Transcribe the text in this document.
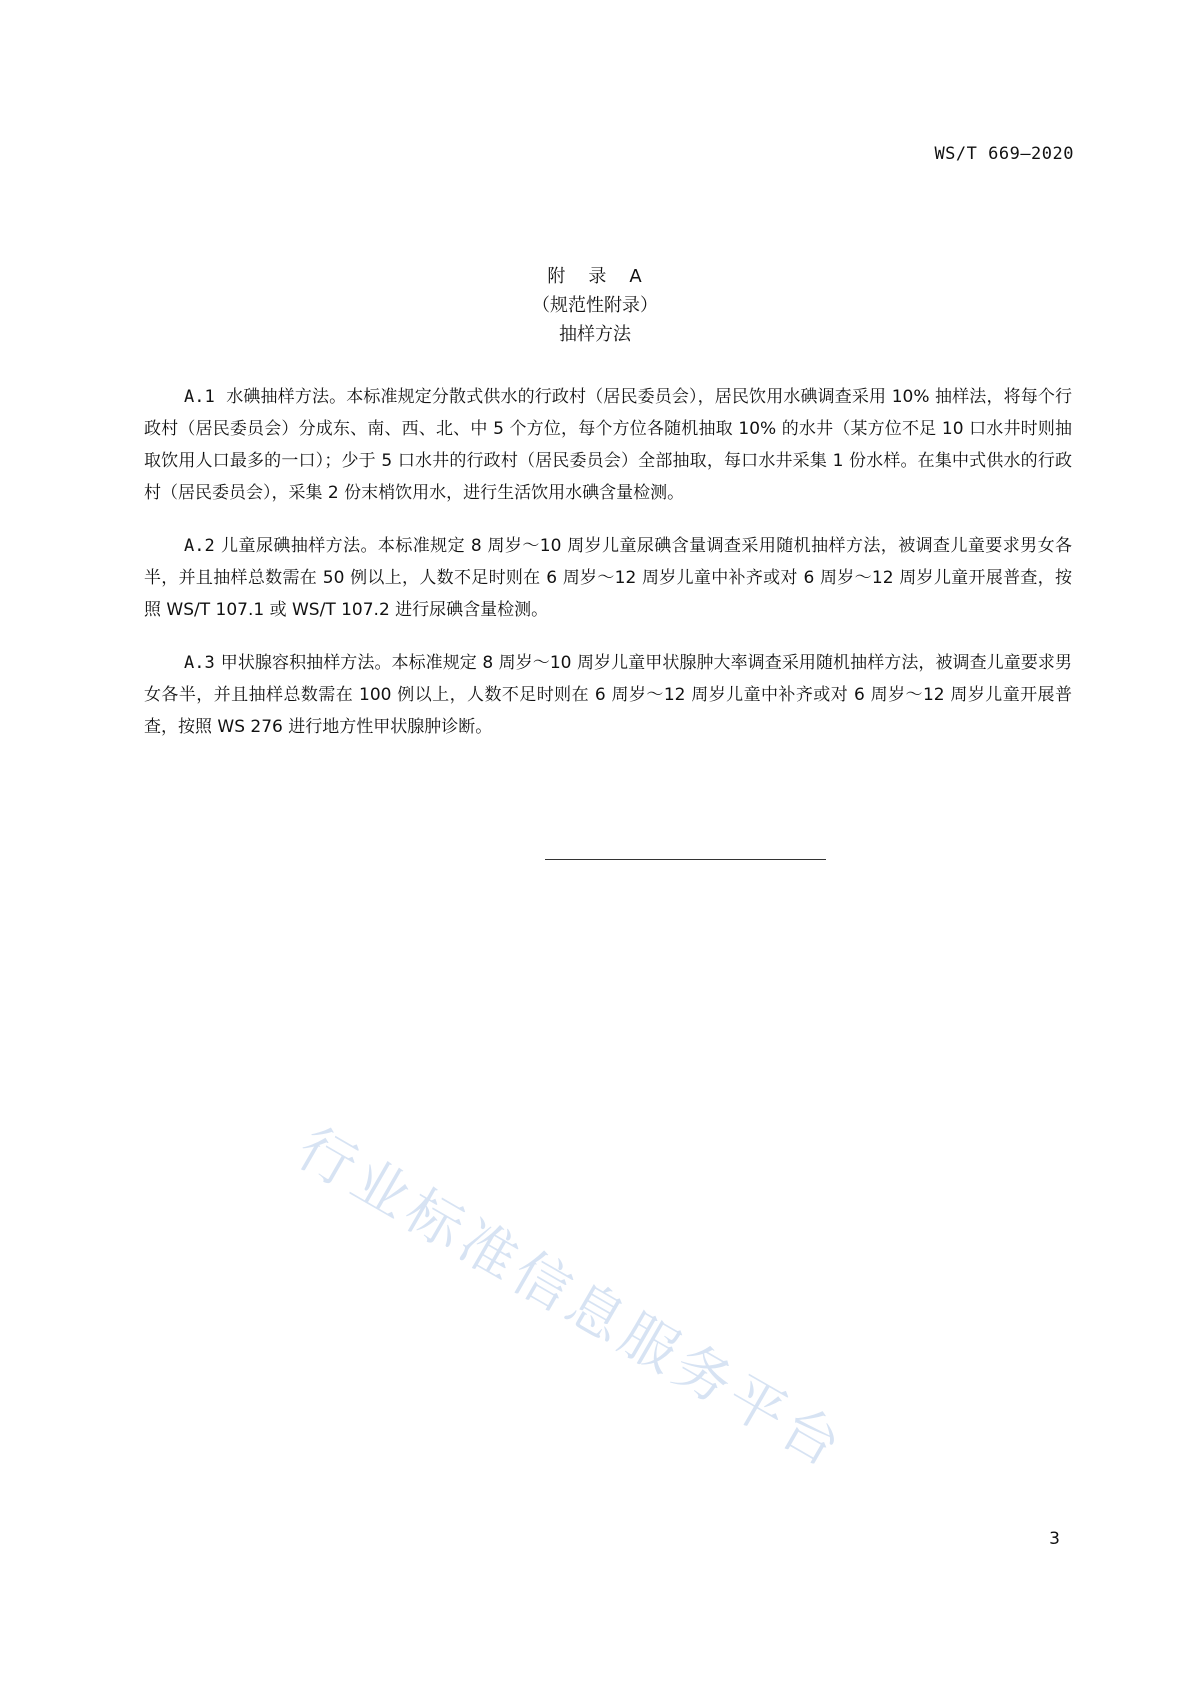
WS/T 669—2020
附 录 A
（规范性附录）
抽样方法

A.1 水碘抽样方法。本标准规定分散式供水的行政村（居民委员会），居民饮用水碘调查采用 10% 抽样法，将每个行政村（居民委员会）分成东、南、西、北、中 5 个方位，每个方位各随机抽取 10% 的水井（某方位不足 10 口水井时则抽取饮用人口最多的一口）；少于 5 口水井的行政村（居民委员会）全部抽取，每口水井采集 1 份水样。在集中式供水的行政村（居民委员会），采集 2 份末梢饮用水，进行生活饮用水碘含量检测。

A.2 儿童尿碘抽样方法。本标准规定 8 周岁～10 周岁儿童尿碘含量调查采用随机抽样方法，被调查儿童要求男女各半，并且抽样总数需在 50 例以上，人数不足时则在 6 周岁～12 周岁儿童中补齐或对 6 周岁～12 周岁儿童开展普查，按照 WS/T 107.1 或 WS/T 107.2 进行尿碘含量检测。

A.3 甲状腺容积抽样方法。本标准规定 8 周岁～10 周岁儿童甲状腺肿大率调查采用随机抽样方法，被调查儿童要求男女各半，并且抽样总数需在 100 例以上，人数不足时则在 6 周岁～12 周岁儿童中补齐或对 6 周岁～12 周岁儿童开展普查，按照 WS 276 进行地方性甲状腺肿诊断。

行业标准信息服务平台
3
